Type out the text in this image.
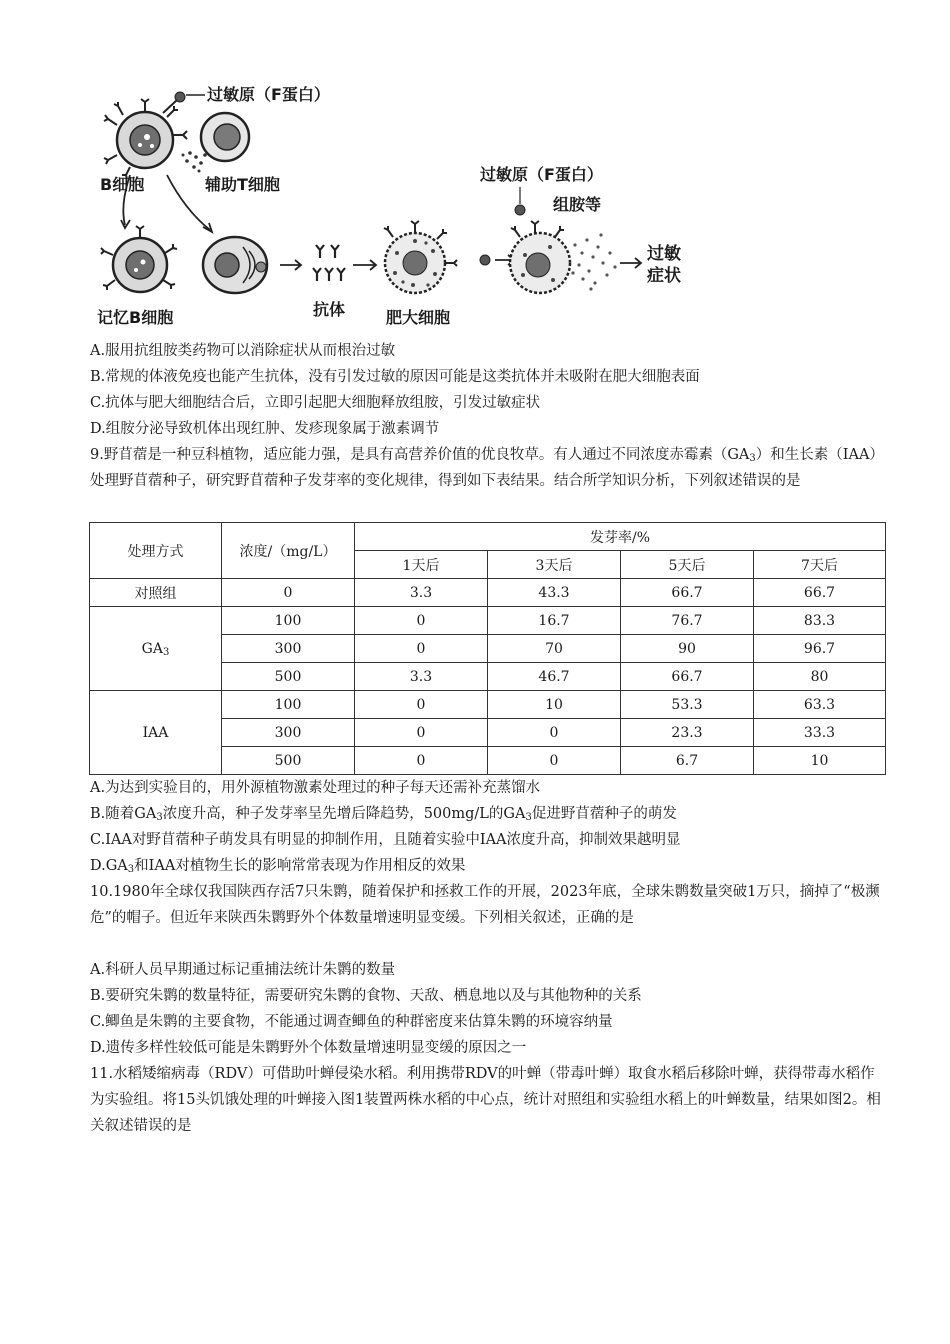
过敏原（F蛋白）
B细胞	辅助T细胞
记忆B细胞	抗体	肥大细胞
过敏原（F蛋白）
组胺等
过敏
症状
A.服用抗组胺类药物可以消除症状从而根治过敏
B.常规的体液免疫也能产生抗体，没有引发过敏的原因可能是这类抗体并未吸附在肥大细胞表面
C.抗体与肥大细胞结合后，立即引起肥大细胞释放组胺，引发过敏症状
D.组胺分泌导致机体出现红肿、发疹现象属于激素调节
9.野苜蓿是一种豆科植物，适应能力强，是具有高营养价值的优良牧草。有人通过不同浓度赤霉素$(GA_3)$和生长素（IAA）处理野苜蓿种子，研究野苜蓿种子发芽率的变化规律，得到如下表结果。结合所学知识分析，下列叙述错误的是
处理方式	浓度/（mg/L）	发芽率/%			
		1天后	3天后	5天后	7天后
对照组	0	3.3	43.3	66.7	66.7
$GA_3$	100	0	16.7	76.7	83.3
	300	0	70	90	96.7
	500	3.3	46.7	66.7	80
IAA	100	0	10	53.3	63.3
	300	0	0	23.3	33.3
	500	0	0	6.7	10
A.为达到实验目的，用外源植物激素处理过的种子每天还需补充蒸馏水
B.随着$GA_3$浓度升高，种子发芽率呈先增后降趋势，500mg/L的$GA_3$促进野苜蓿种子的萌发
C.IAA对野苜蓿种子萌发具有明显的抑制作用，且随着实验中IAA浓度升高，抑制效果越明显
$D.GA_3$和IAA对植物生长的影响常常表现为作用相反的效果
10.1980年全球仅我国陕西存活7只朱鹮，随着保护和拯救工作的开展，2023年底，全球朱鹮数量突破1万只，摘掉了“极濒危”的帽子。但近年来陕西朱鹮野外个体数量增速明显变缓。下列相关叙述，正确的是
A.科研人员早期通过标记重捕法统计朱鹮的数量
B.要研究朱鹮的数量特征，需要研究朱鹮的食物、天敌、栖息地以及与其他物种的关系
C.鲫鱼是朱鹮的主要食物，不能通过调查鲫鱼的种群密度来估算朱鹮的环境容纳量
D.遗传多样性较低可能是朱鹮野外个体数量增速明显变缓的原因之一
11.水稻矮缩病毒（RDV）可借助叶蝉侵染水稻。利用携带RDV的叶蝉（带毒叶蝉）取食水稻后移除叶蝉，获得带毒水稻作为实验组。将15头饥饿处理的叶蝉接入图1装置两株水稻的中心点，统计对照组和实验组水稻上的叶蝉数量，结果如图2。相关叙述错误的是
